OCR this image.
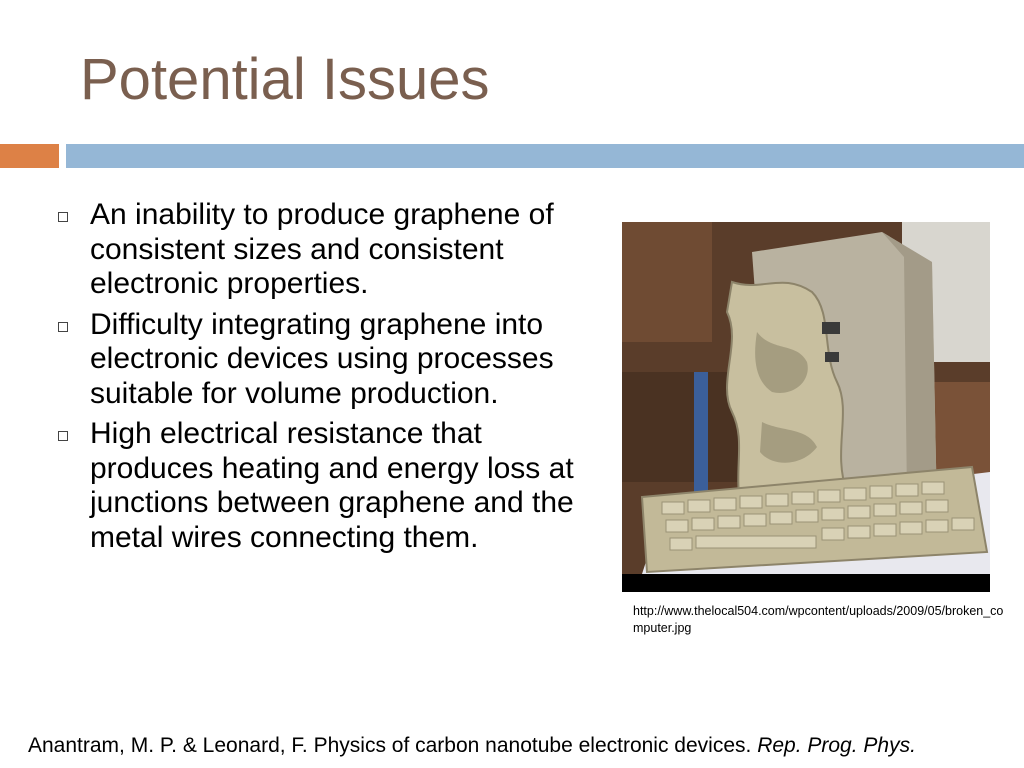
Potential Issues
An inability to produce graphene of consistent sizes and consistent electronic properties.
Difficulty integrating graphene into electronic devices using processes suitable for volume production.
High electrical resistance that produces heating and energy loss at junctions between graphene and the metal wires connecting them.
http://www.thelocal504.com/wpcontent/uploads/2009/05/broken_computer.jpg
Anantram, M. P. & Leonard, F. Physics of carbon nanotube electronic devices. Rep. Prog. Phys.
